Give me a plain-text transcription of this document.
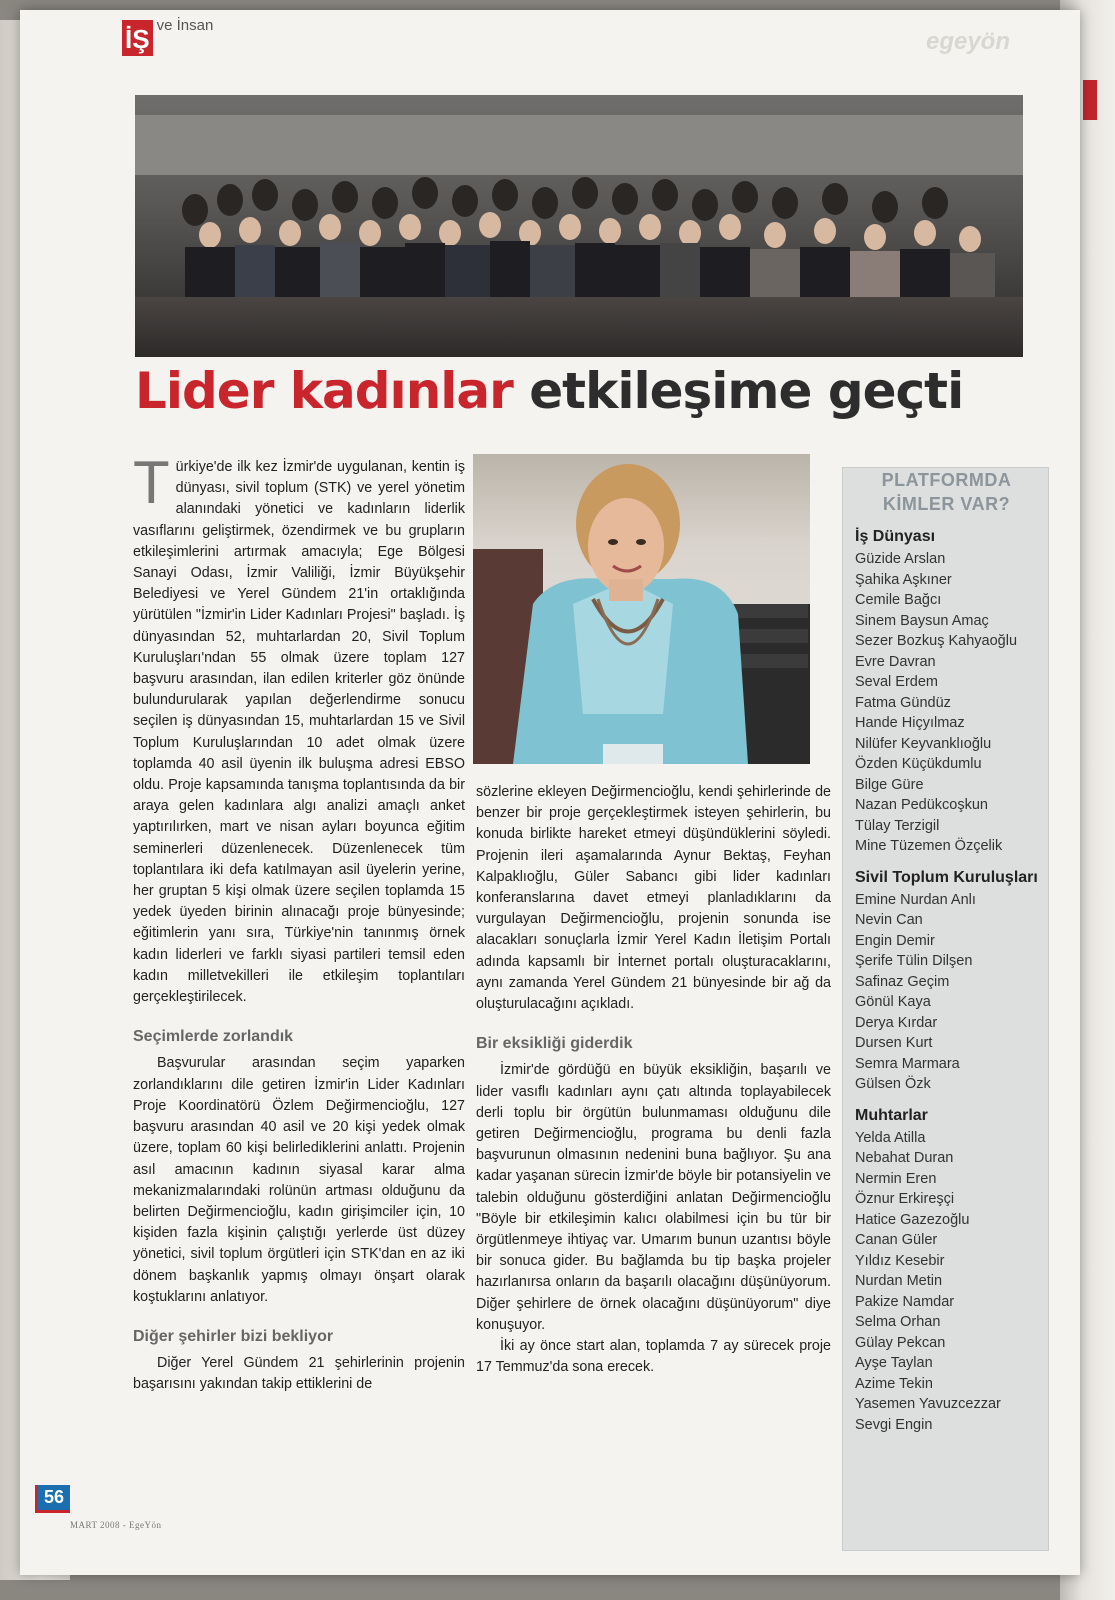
İŞ ve İnsan
egeyön
Lider kadınlar etkileşime geçti

T ürkiye'de ilk kez İzmir'de uygulanan, kentin iş dünyası, sivil toplum (STK) ve yerel yönetim alanındaki yönetici ve kadınların liderlik vasıflarını geliştirmek, özendirmek ve bu grupların etkileşimlerini artırmak amacıyla; Ege Bölgesi Sanayi Odası, İzmir Valiliği, İzmir Büyükşehir Belediyesi ve Yerel Gündem 21'in ortaklığında yürütülen "İzmir'in Lider Kadınları Projesi" başladı. İş dünyasından 52, muhtarlardan 20, Sivil Toplum Kuruluşları'ndan 55 olmak üzere toplam 127 başvuru arasından, ilan edilen kriterler göz önünde bulundurularak yapılan değerlendirme sonucu seçilen iş dünyasından 15, muhtarlardan 15 ve Sivil Toplum Kuruluşlarından 10 adet olmak üzere toplamda 40 asil üyenin ilk buluşma adresi EBSO oldu. Proje kapsamında tanışma toplantısında da bir araya gelen kadınlara algı analizi amaçlı anket yaptırılırken, mart ve nisan ayları boyunca eğitim seminerleri düzenlenecek. Düzenlenecek tüm toplantılara iki defa katılmayan asil üyelerin yerine, her gruptan 5 kişi olmak üzere seçilen toplamda 15 yedek üyeden birinin alınacağı proje bünyesinde; eğitimlerin yanı sıra, Türkiye'nin tanınmış örnek kadın liderleri ve farklı siyasi partileri temsil eden kadın milletvekilleri ile etkileşim toplantıları gerçekleştirilecek.

Seçimlerde zorlandık

Başvurular arasından seçim yaparken zorlandıklarını dile getiren İzmir'in Lider Kadınları Proje Koordinatörü Özlem Değirmencioğlu, 127 başvuru arasından 40 asil ve 20 kişi yedek olmak üzere, toplam 60 kişi belirlediklerini anlattı. Projenin asıl amacının kadının siyasal karar alma mekanizmalarındaki rolünün artması olduğunu da belirten Değirmencioğlu, kadın girişimciler için, 10 kişiden fazla kişinin çalıştığı yerlerde üst düzey yönetici, sivil toplum örgütleri için STK'dan en az iki dönem başkanlık yapmış olmayı önşart olarak koştuklarını anlatıyor.

Diğer şehirler bizi bekliyor

Diğer Yerel Gündem 21 şehirlerinin projenin başarısını yakından takip ettiklerini de

sözlerine ekleyen Değirmencioğlu, kendi şehirlerinde de benzer bir proje gerçekleştirmek isteyen şehirlerin, bu konuda birlikte hareket etmeyi düşündüklerini söyledi. Projenin ileri aşamalarında Aynur Bektaş, Feyhan Kalpaklıoğlu, Güler Sabancı gibi lider kadınları konferanslarına davet etmeyi planladıklarını da vurgulayan Değirmencioğlu, projenin sonunda ise alacakları sonuçlarla İzmir Yerel Kadın İletişim Portalı adında kapsamlı bir İnternet portalı oluşturacaklarını, aynı zamanda Yerel Gündem 21 bünyesinde bir ağ da oluşturulacağını açıkladı.

Bir eksikliği giderdik

İzmir'de gördüğü en büyük eksikliğin, başarılı ve lider vasıflı kadınları aynı çatı altında toplayabilecek derli toplu bir örgütün bulunmaması olduğunu dile getiren Değirmencioğlu, programa bu denli fazla başvurunun olmasının nedenini buna bağlıyor. Şu ana kadar yaşanan sürecin İzmir'de böyle bir potansiyelin ve talebin olduğunu gösterdiğini anlatan Değirmencioğlu "Böyle bir etkileşimin kalıcı olabilmesi için bu tür bir örgütlenmeye ihtiyaç var. Umarım bunun uzantısı böyle bir sonuca gider. Bu bağlamda bu tip başka projeler hazırlanırsa onların da başarılı olacağını düşünüyorum. Diğer şehirlere de örnek olacağını düşünüyorum" diye konuşuyor.

İki ay önce start alan, toplamda 7 ay sürecek proje 17 Temmuz'da sona erecek.

PLATFORMDA KİMLER VAR?
İş Dünyası
Güzide Arslan
Şahika Aşkıner
Cemile Bağcı
Sinem Baysun Amaç
Sezer Bozkuş Kahyaoğlu
Evre Davran
Seval Erdem
Fatma Gündüz
Hande Hiçyılmaz
Nilüfer Keyvanklıoğlu
Özden Küçükdumlu
Bilge Güre
Nazan Pedükcoşkun
Tülay Terzigil
Mine Tüzemen Özçelik
Sivil Toplum Kuruluşları
Emine Nurdan Anlı
Nevin Can
Engin Demir
Şerife Tülin Dilşen
Safinaz Geçim
Gönül Kaya
Derya Kırdar
Dursen Kurt
Semra Marmara
Gülsen Özk
Muhtarlar
Yelda Atilla
Nebahat Duran
Nermin Eren
Öznur Erkireşçi
Hatice Gazezoğlu
Canan Güler
Yıldız Kesebir
Nurdan Metin
Pakize Namdar
Selma Orhan
Gülay Pekcan
Ayşe Taylan
Azime Tekin
Yasemen Yavuzcezzar
Sevgi Engin
56
MART 2008 - EgeYön
